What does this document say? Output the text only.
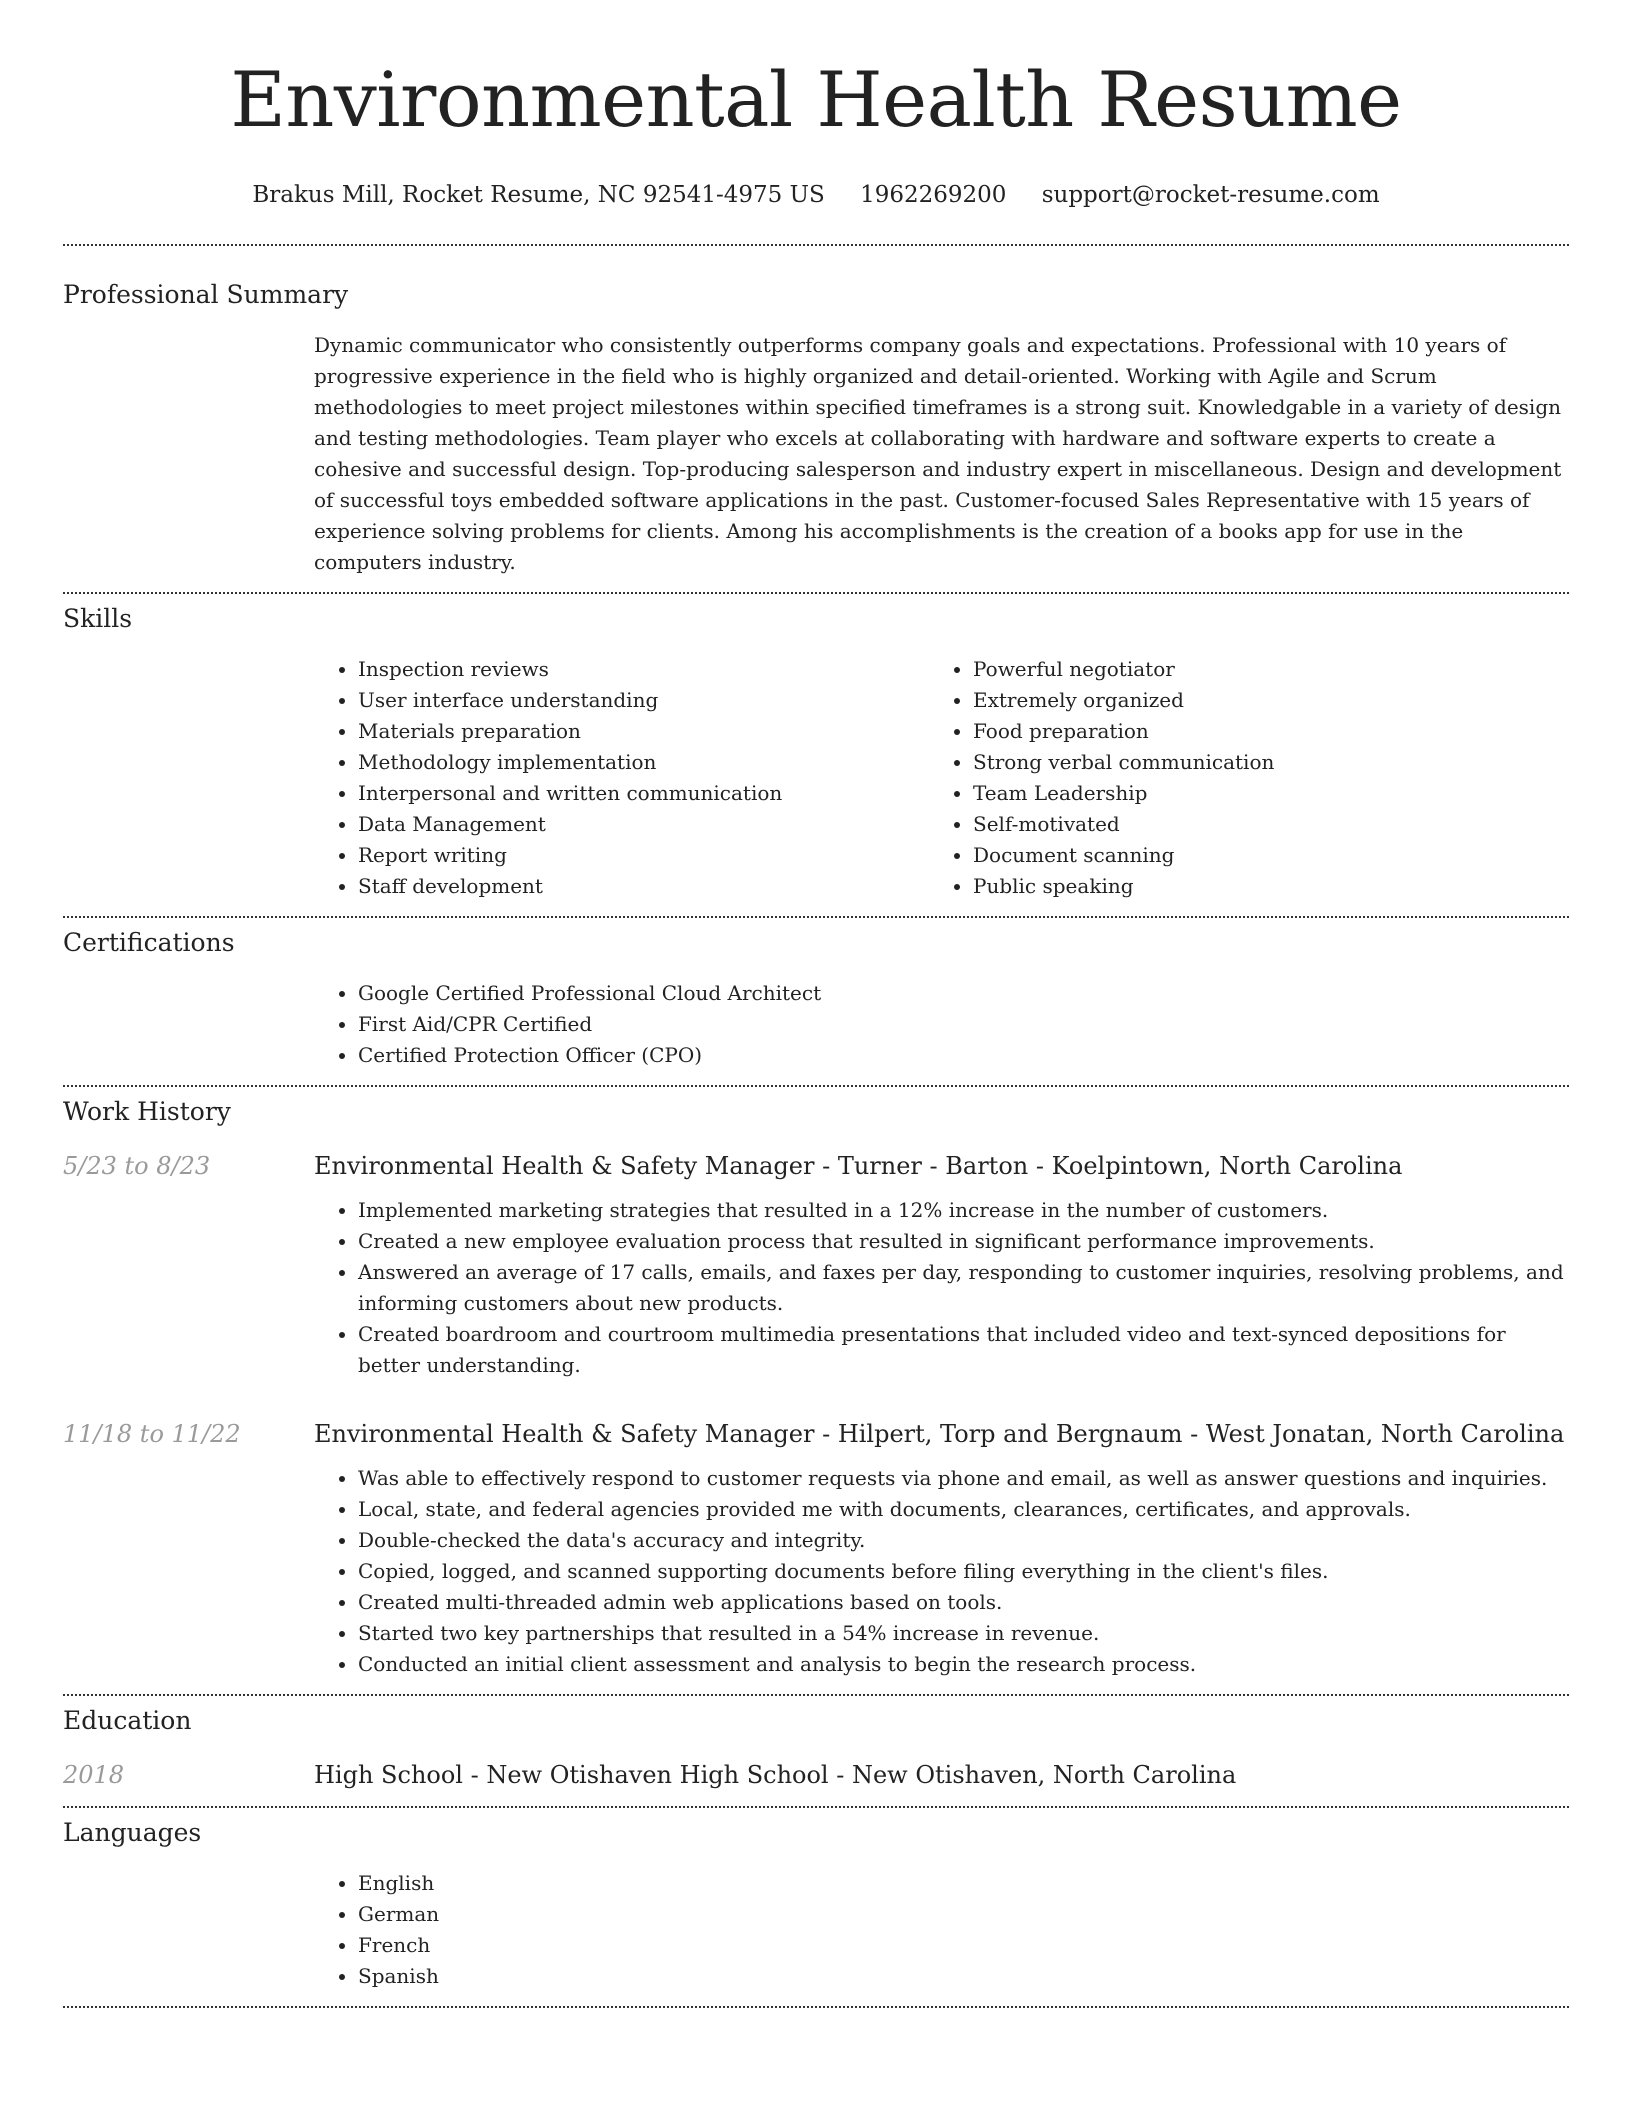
Environmental Health Resume
Brakus Mill, Rocket Resume, NC 92541-4975 US 1962269200 support@rocket-resume.com
Professional Summary

Dynamic communicator who consistently outperforms company goals and expectations. Professional with 10 years of progressive experience in the field who is highly organized and detail-oriented. Working with Agile and Scrum methodologies to meet project milestones within specified timeframes is a strong suit. Knowledgable in a variety of design and testing methodologies. Team player who excels at collaborating with hardware and software experts to create a cohesive and successful design. Top-producing salesperson and industry expert in miscellaneous. Design and development of successful toys embedded software applications in the past. Customer-focused Sales Representative with 15 years of experience solving problems for clients. Among his accomplishments is the creation of a books app for use in the computers industry.

Skills
• Inspection reviews
• User interface understanding
• Materials preparation
• Methodology implementation
• Interpersonal and written communication
• Data Management
• Report writing
• Staff development
• Powerful negotiator
• Extremely organized
• Food preparation
• Strong verbal communication
• Team Leadership
• Self-motivated
• Document scanning
• Public speaking
Certifications
• Google Certified Professional Cloud Architect
• First Aid/CPR Certified
• Certified Protection Officer (CPO)
Work History
5/23 to 8/23	Environmental Health & Safety Manager - Turner - Barton - Koelpintown, North Carolina
• Implemented marketing strategies that resulted in a 12% increase in the number of customers.
• Created a new employee evaluation process that resulted in significant performance improvements.
• Answered an average of 17 calls, emails, and faxes per day, responding to customer inquiries, resolving problems, and informing customers about new products.
• Created boardroom and courtroom multimedia presentations that included video and text-synced depositions for better understanding.
11/18 to 11/22	Environmental Health & Safety Manager - Hilpert, Torp and Bergnaum - West Jonatan, North Carolina
• Was able to effectively respond to customer requests via phone and email, as well as answer questions and inquiries.
• Local, state, and federal agencies provided me with documents, clearances, certificates, and approvals.
• Double-checked the data's accuracy and integrity.
• Copied, logged, and scanned supporting documents before filing everything in the client's files.
• Created multi-threaded admin web applications based on tools.
• Started two key partnerships that resulted in a 54% increase in revenue.
• Conducted an initial client assessment and analysis to begin the research process.
Education
2018	High School - New Otishaven High School - New Otishaven, North Carolina
Languages
• English
• German
• French
• Spanish
